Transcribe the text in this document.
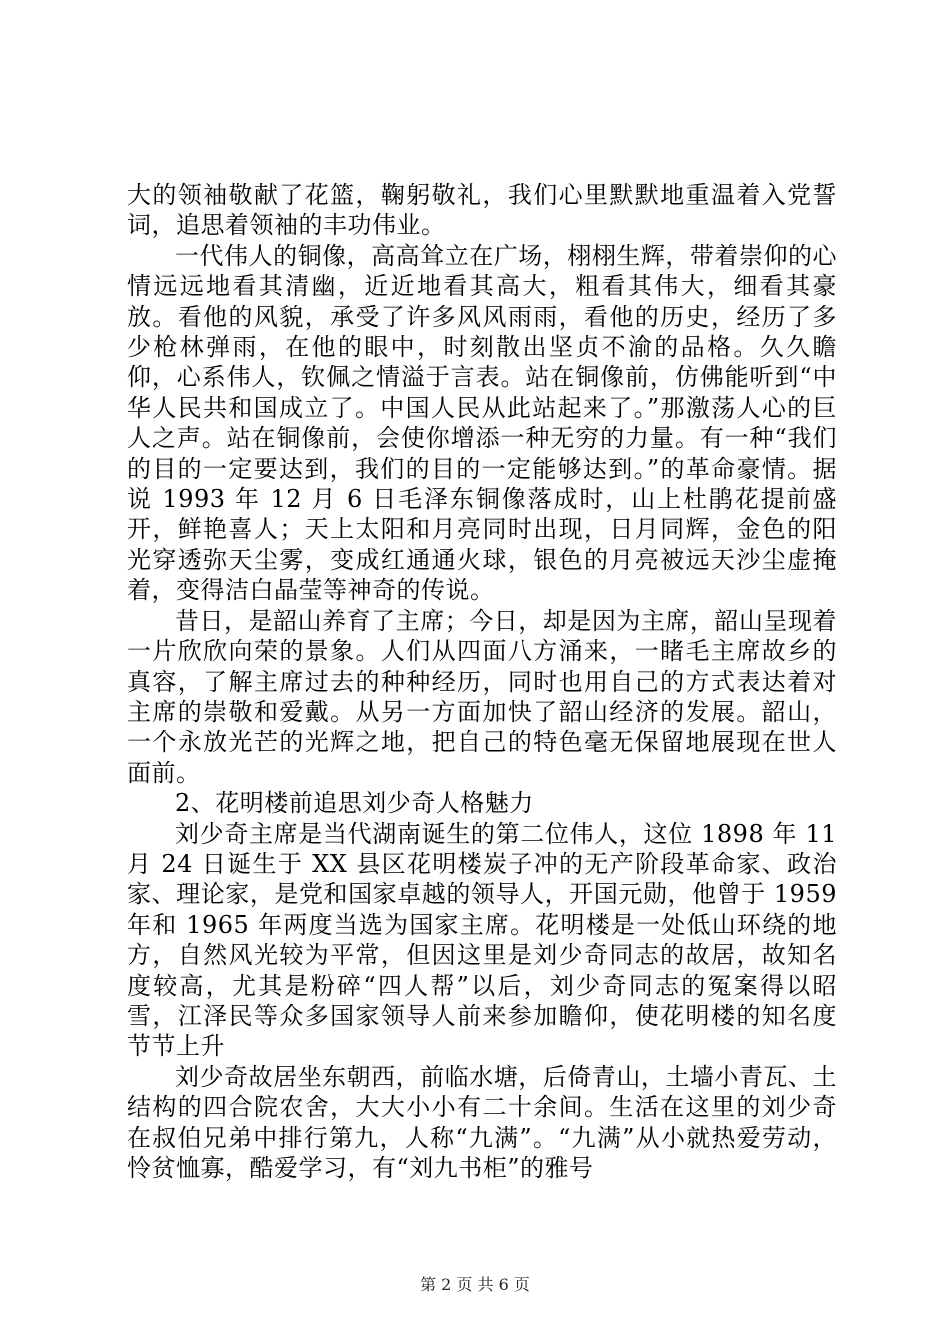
大的领袖敬献了花篮，鞠躬敬礼，我们心里默默地重温着入党誓词，追思着领袖的丰功伟业。

一代伟人的铜像，高高耸立在广场，栩栩生辉，带着崇仰的心情远远地看其清幽，近近地看其高大，粗看其伟大，细看其豪放。看他的风貌，承受了许多风风雨雨，看他的历史，经历了多少枪林弹雨，在他的眼中，时刻散出坚贞不渝的品格。久久瞻仰，心系伟人，钦佩之情溢于言表。站在铜像前，仿佛能听到“中华人民共和国成立了。中国人民从此站起来了。”那激荡人心的巨人之声。站在铜像前，会使你增添一种无穷的力量。有一种“我们的目的一定要达到，我们的目的一定能够达到。”的革命豪情。据说 1993 年 12 月 6 日毛泽东铜像落成时，山上杜鹃花提前盛开，鲜艳喜人；天上太阳和月亮同时出现，日月同辉，金色的阳光穿透弥天尘雾，变成红通通火球，银色的月亮被远天沙尘虚掩着，变得洁白晶莹等神奇的传说。

昔日，是韶山养育了主席；今日，却是因为主席，韶山呈现着一片欣欣向荣的景象。人们从四面八方涌来，一睹毛主席故乡的真容，了解主席过去的种种经历，同时也用自己的方式表达着对主席的崇敬和爱戴。从另一方面加快了韶山经济的发展。韶山，一个永放光芒的光辉之地，把自己的特色毫无保留地展现在世人面前。

2、花明楼前追思刘少奇人格魅力

刘少奇主席是当代湖南诞生的第二位伟人，这位 1898 年 11 月 24 日诞生于 XX 县区花明楼炭子冲的无产阶段革命家、政治家、理论家，是党和国家卓越的领导人，开国元勋，他曾于 1959 年和 1965 年两度当选为国家主席。花明楼是一处低山环绕的地方，自然风光较为平常，但因这里是刘少奇同志的故居，故知名度较高，尤其是粉碎“四人帮”以后，刘少奇同志的冤案得以昭雪，江泽民等众多国家领导人前来参加瞻仰，使花明楼的知名度节节上升

刘少奇故居坐东朝西，前临水塘，后倚青山，土墙小青瓦、土结构的四合院农舍，大大小小有二十余间。生活在这里的刘少奇在叔伯兄弟中排行第九，人称“九满”。“九满”从小就热爱劳动，怜贫恤寡，酷爱学习，有“刘九书柜”的雅号

第 2 页 共 6 页
